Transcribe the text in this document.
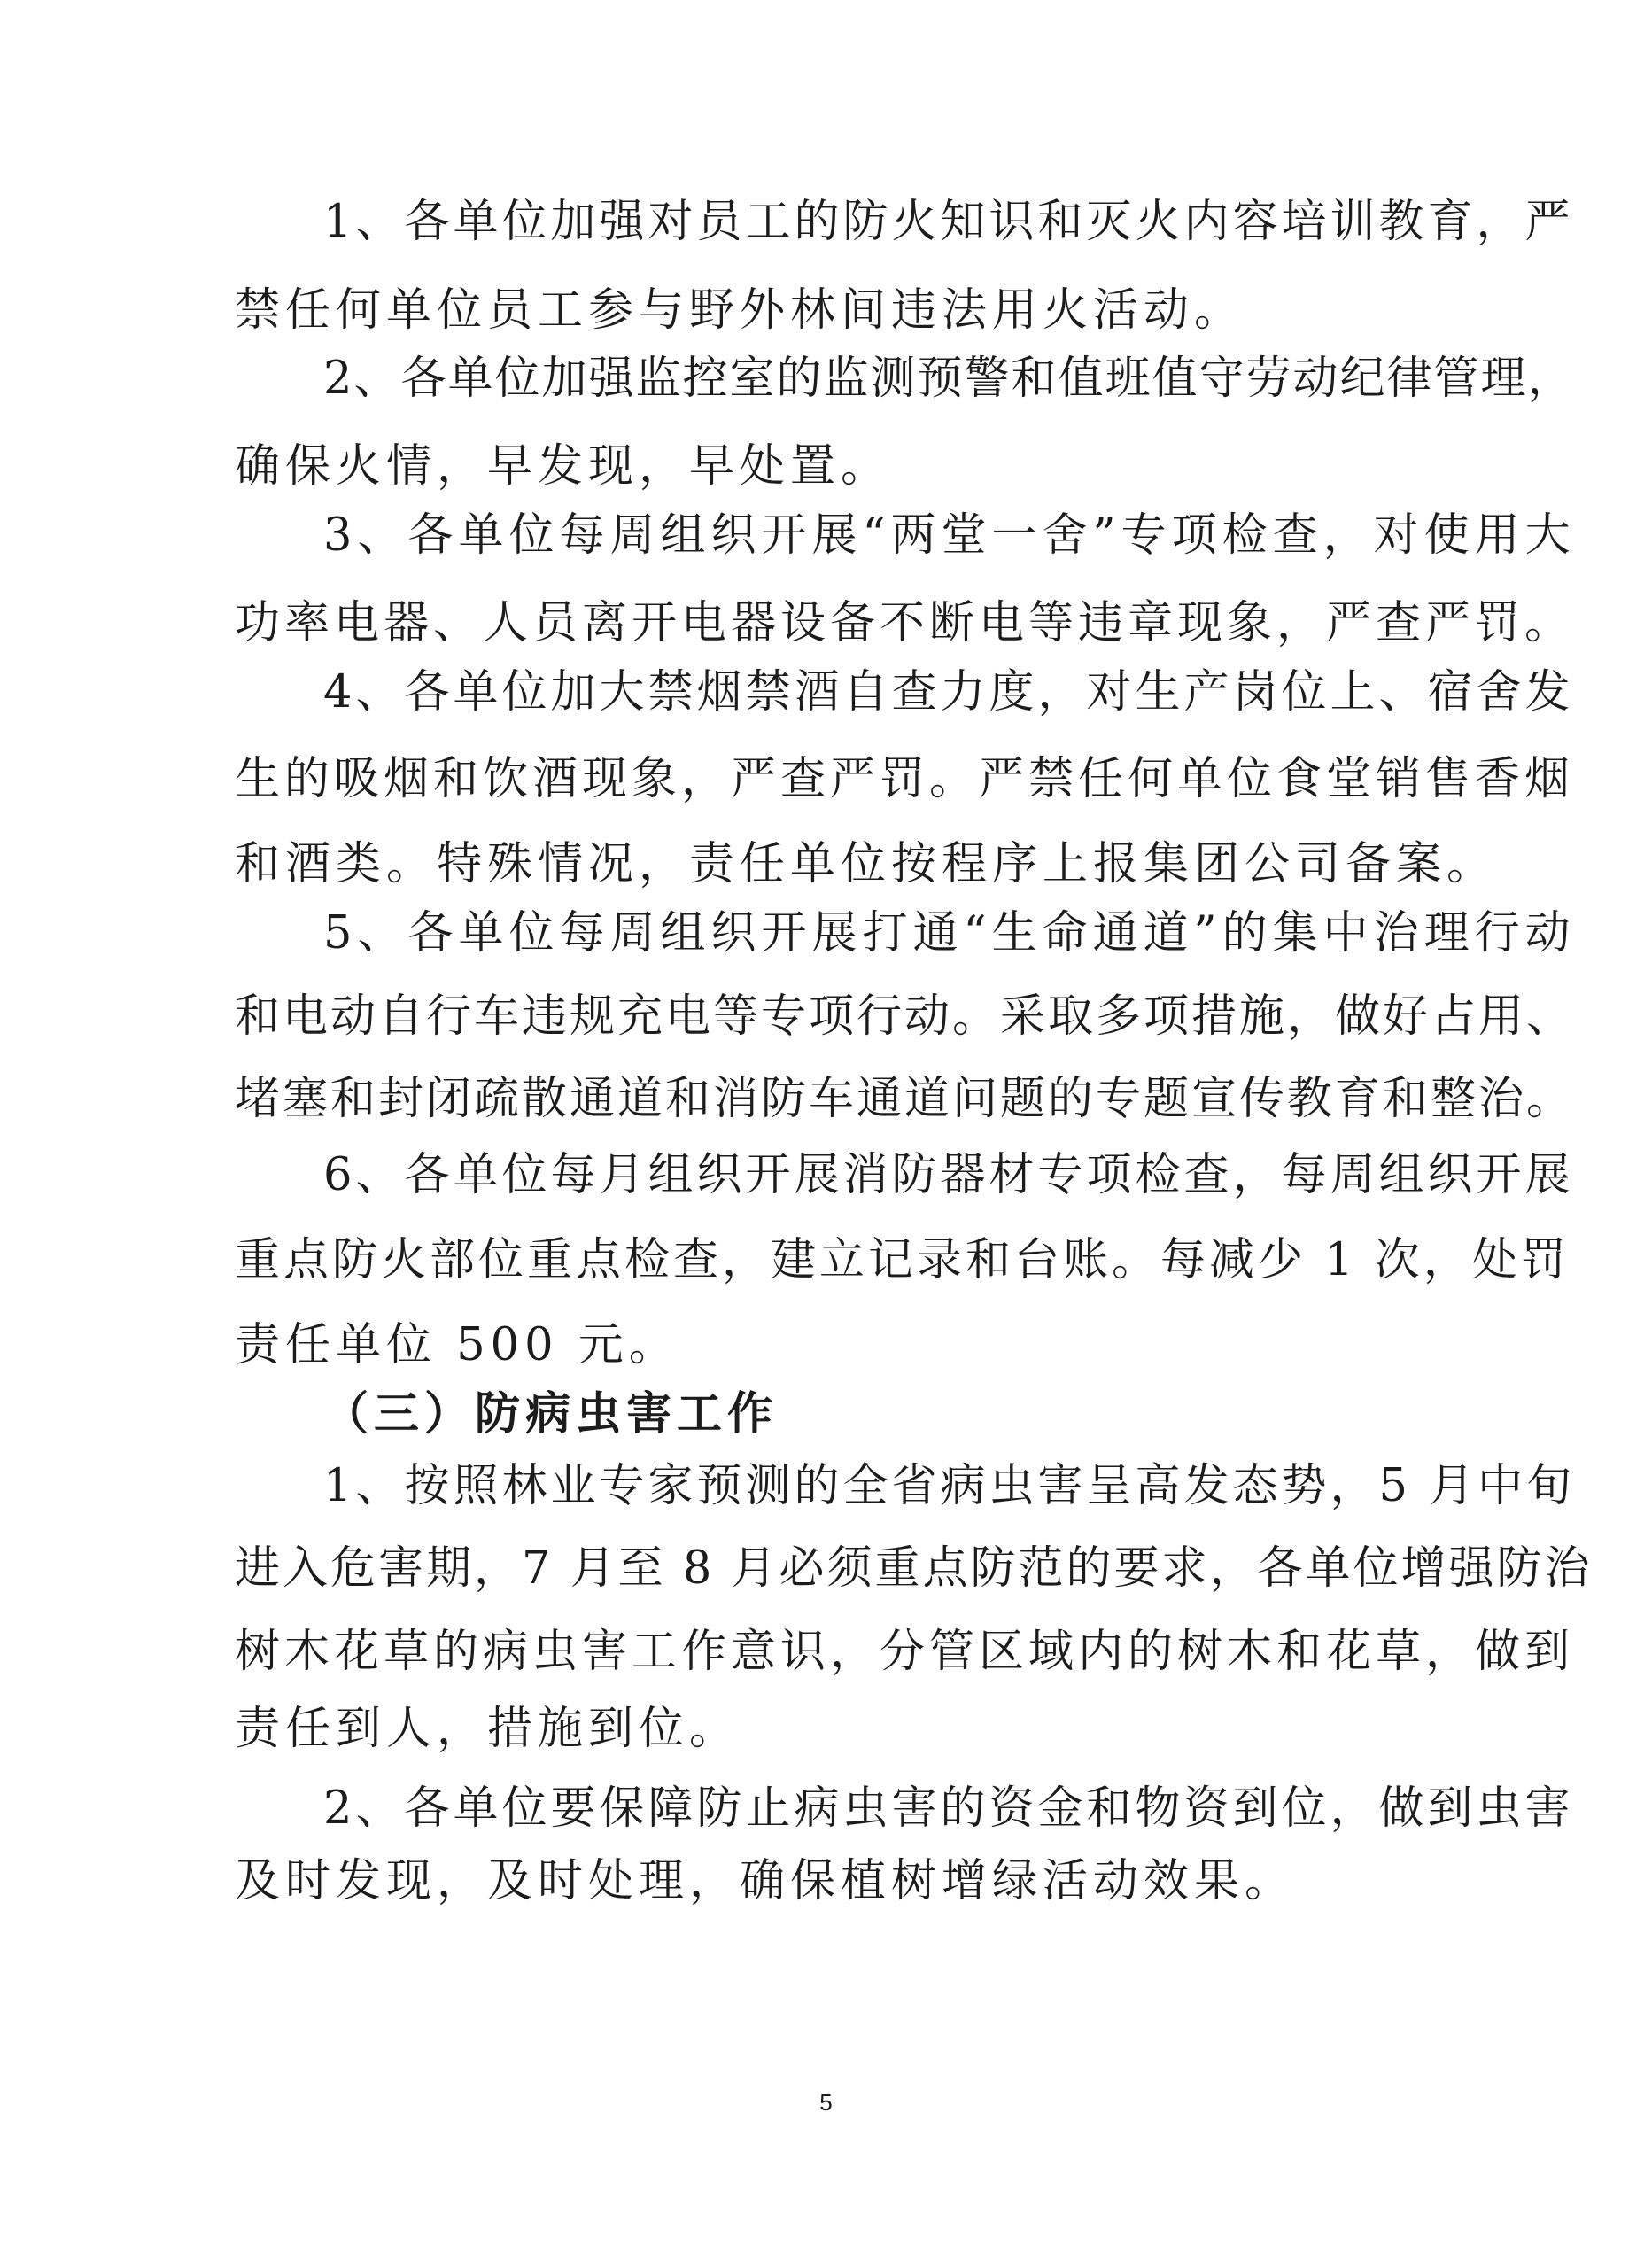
1、各单位加强对员工的防火知识和灭火内容培训教育，严

禁任何单位员工参与野外林间违法用火活动。

2、各单位加强监控室的监测预警和值班值守劳动纪律管理，

确保火情，早发现，早处置。

3、各单位每周组织开展“两堂一舍”专项检查，对使用大

功率电器、人员离开电器设备不断电等违章现象，严查严罚。

4、各单位加大禁烟禁酒自查力度，对生产岗位上、宿舍发

生的吸烟和饮酒现象，严查严罚。严禁任何单位食堂销售香烟

和酒类。特殊情况，责任单位按程序上报集团公司备案。

5、各单位每周组织开展打通“生命通道”的集中治理行动

和电动自行车违规充电等专项行动。采取多项措施，做好占用、

堵塞和封闭疏散通道和消防车通道问题的专题宣传教育和整治。

6、各单位每月组织开展消防器材专项检查，每周组织开展

重点防火部位重点检查，建立记录和台账。每减少 1 次，处罚

责任单位 500 元。

（三）防病虫害工作

1、按照林业专家预测的全省病虫害呈高发态势，5 月中旬

进入危害期，7 月至 8 月必须重点防范的要求，各单位增强防治

树木花草的病虫害工作意识，分管区域内的树木和花草，做到

责任到人，措施到位。

2、各单位要保障防止病虫害的资金和物资到位，做到虫害

及时发现，及时处理，确保植树增绿活动效果。

5
